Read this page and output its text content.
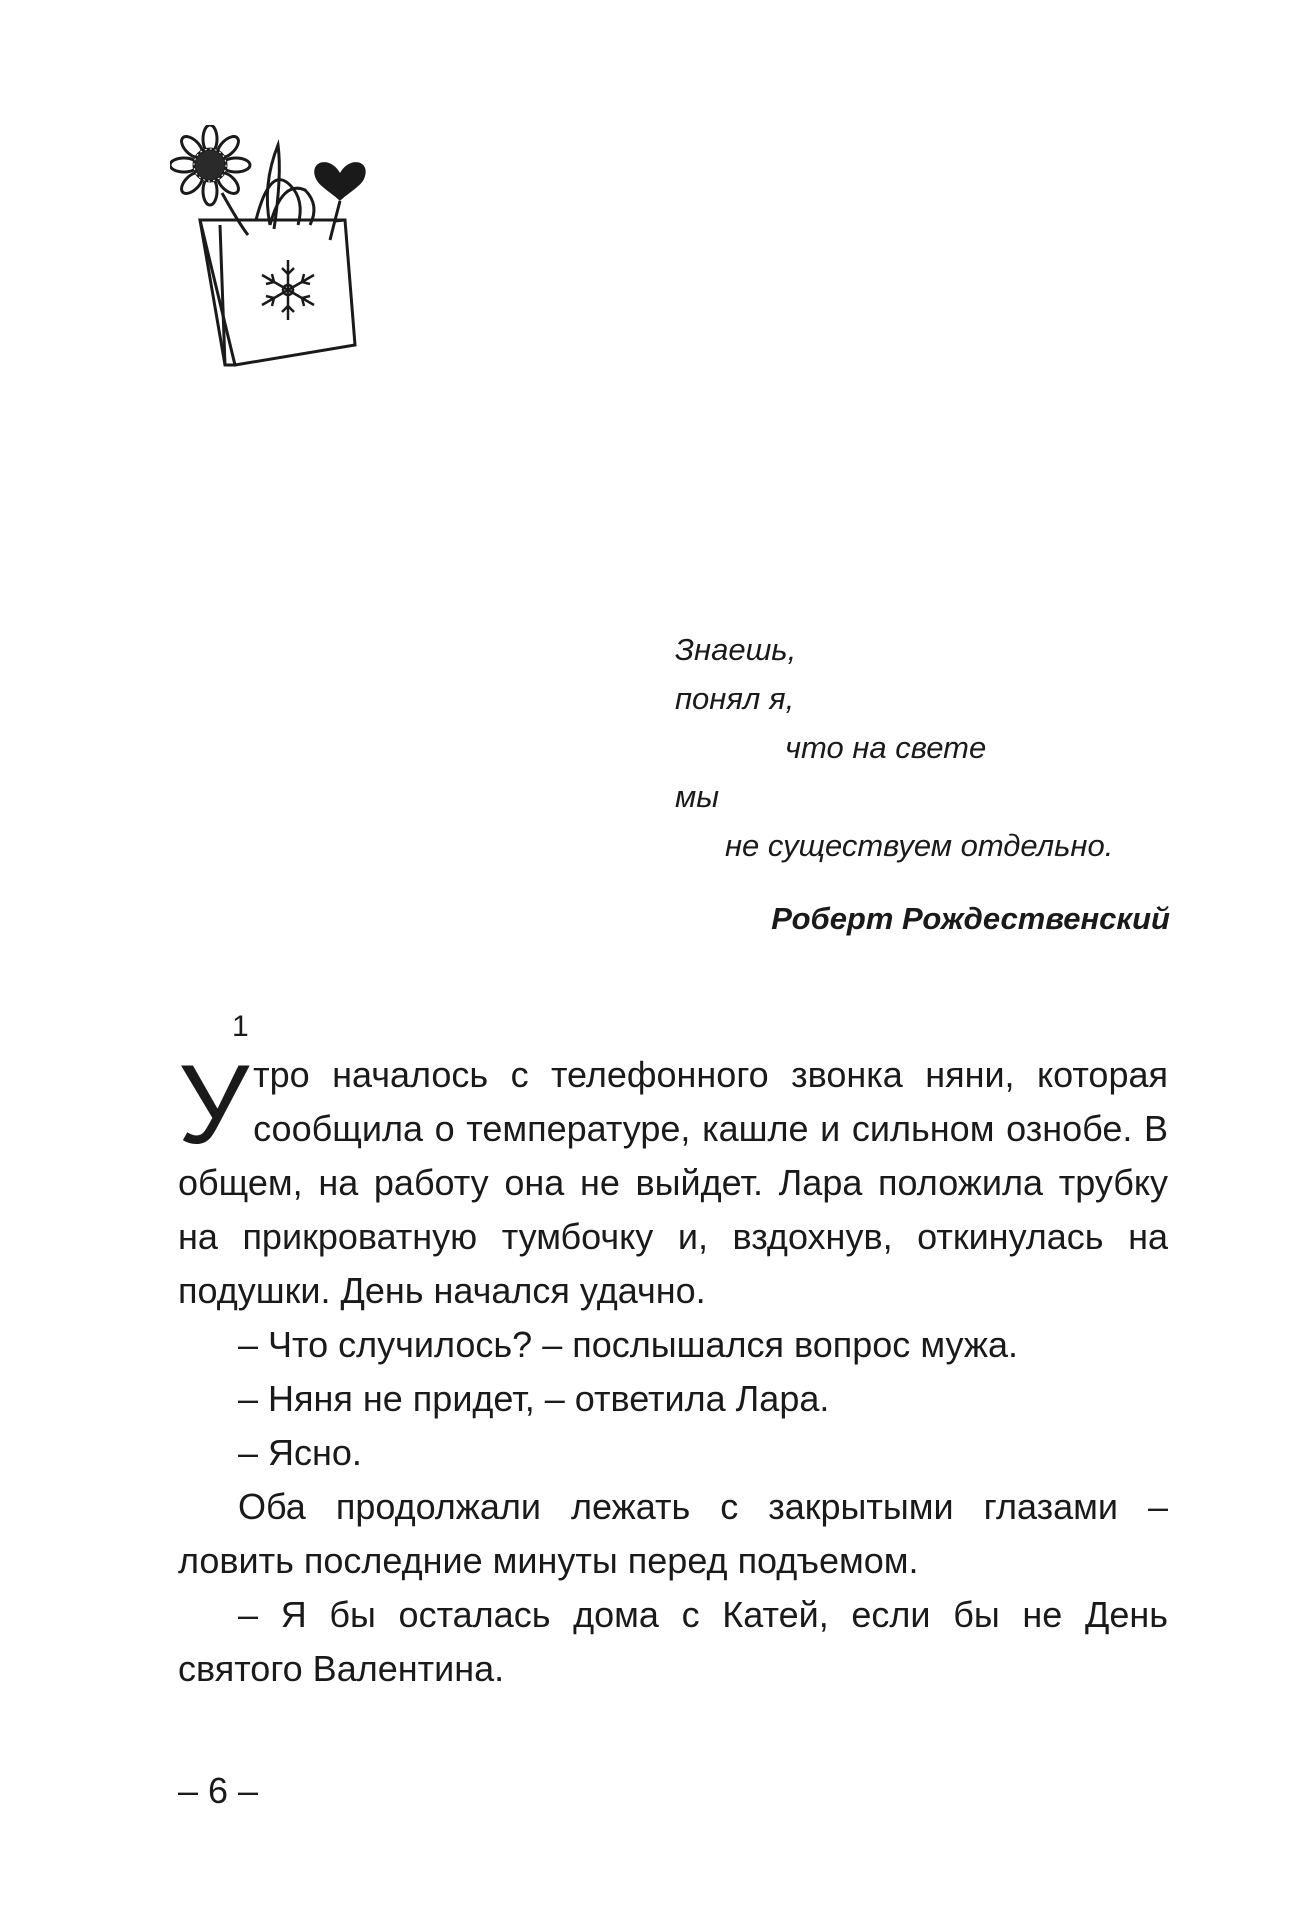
Знаешь,
понял я,
что на свете
мы
не существуем отдельно.
Роберт Рождественский
1

Утро началось с телефонного звонка няни, которая сообщила о температуре, кашле и сильном ознобе. В общем, на работу она не выйдет. Лара положила трубку на прикроватную тумбочку и, вздохнув, откинулась на подушки. День начался удачно.

– Что случилось? – послышался вопрос мужа.

– Няня не придет, – ответила Лара.

– Ясно.

Оба продолжали лежать с закрытыми глазами – ловить последние минуты перед подъемом.

– Я бы осталась дома с Катей, если бы не День святого Валентина.

– 6 –
